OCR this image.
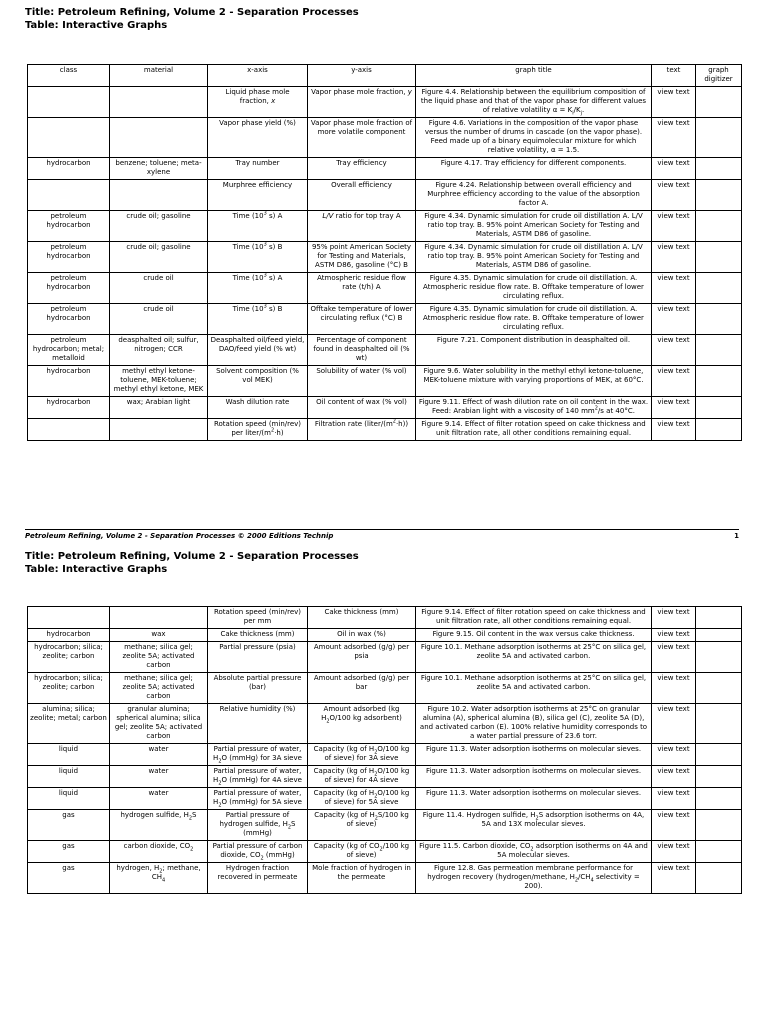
Title: Petroleum Refining, Volume 2 - Separation Processes
Table: Interactive Graphs
class	material	x-axis	y-axis	graph title	text	graph digitizer
		Liquid phase mole fraction, x	Vapor phase mole fraction, y	Figure 4.4. Relationship between the equilibrium composition of the liquid phase and that of the vapor phase for different values of relative volatility $\alpha = K_i/K_j$.	view text	
		Vapor phase yield (%)	Vapor phase mole fraction of more volatile component	Figure 4.6. Variations in the composition of the vapor phase versus the number of drums in cascade (on the vapor phase). Feed made up of a binary equimolecular mixture for which relative volatility, α = 1.5.	view text	
hydrocarbon	benzene; toluene; meta-xylene	Tray number	Tray efficiency	Figure 4.17. Tray efficiency for different components.	view text	
		Murphree efficiency	Overall efficiency	Figure 4.24. Relationship between overall efficiency and Murphree efficiency according to the value of the absorption factor A.	view text	
petroleum hydrocarbon	crude oil; gasoline	Time ($10^3$ s) A	L/V ratio for top tray A	Figure 4.34. Dynamic simulation for crude oil distillation A. L/V ratio top tray. B. 95% point American Society for Testing and Materials, ASTM D86 of gasoline.	view text	
petroleum hydrocarbon	crude oil; gasoline	Time ($10^3$ s) B	95% point American Society for Testing and Materials, ASTM D86, gasoline (°C) B	Figure 4.34. Dynamic simulation for crude oil distillation A. L/V ratio top tray. B. 95% point American Society for Testing and Materials, ASTM D86 of gasoline.	view text	
petroleum hydrocarbon	crude oil	Time ($10^3$ s) A	Atmospheric residue flow rate (t/h) A	Figure 4.35. Dynamic simulation for crude oil distillation. A. Atmospheric residue flow rate. B. Offtake temperature of lower circulating reflux.	view text	
petroleum hydrocarbon	crude oil	Time ($10^3$ s) B	Offtake temperature of lower circulating reflux (°C) B	Figure 4.35. Dynamic simulation for crude oil distillation. A. Atmospheric residue flow rate. B. Offtake temperature of lower circulating reflux.	view text	
petroleum hydrocarbon; metal; metalloid	deasphalted oil; sulfur, nitrogen; CCR	Deasphalted oil/feed yield, DAO/feed yield (% wt)	Percentage of component found in deasphalted oil (% wt)	Figure 7.21. Component distribution in deasphalted oil.	view text	
hydrocarbon	methyl ethyl ketone-toluene, MEK-toluene; methyl ethyl ketone, MEK	Solvent composition (% vol MEK)	Solubility of water (% vol)	Figure 9.6. Water solubility in the methyl ethyl ketone-toluene, MEK-toluene mixture with varying proportions of MEK, at 60°C.	view text	
hydrocarbon	wax; Arabian light	Wash dilution rate	Oil content of wax (% vol)	Figure 9.11. Effect of wash dilution rate on oil content in the wax. Feed: Arabian light with a viscosity of 140 $mm^2/s$ at 40°C.	view text	
		Rotation speed (min/rev) per liter/$(m^2\cdot h)$	Filtration rate $(liter/(m^2\cdot h))$	Figure 9.14. Effect of filter rotation speed on cake thickness and unit filtration rate, all other conditions remaining equal.	view text	
Petroleum Refining, Volume 2 - Separation Processes © 2000 Editions Technip	1
Title: Petroleum Refining, Volume 2 - Separation Processes
Table: Interactive Graphs
		Rotation speed (min/rev) per mm	Cake thickness (mm)	Figure 9.14. Effect of filter rotation speed on cake thickness and unit filtration rate, all other conditions remaining equal.	view text	
hydrocarbon	wax	Cake thickness (mm)	Oil in wax (%)	Figure 9.15. Oil content in the wax versus cake thickness.	view text	
hydrocarbon; silica; zeolite; carbon	methane; silica gel; zeolite 5A; activated carbon	Partial pressure (psia)	Amount adsorbed (g/g) per psia	Figure 10.1. Methane adsorption isotherms at 25°C on silica gel, zeolite 5A and activated carbon.	view text	
hydrocarbon; silica; zeolite; carbon	methane; silica gel; zeolite 5A; activated carbon	Absolute partial pressure (bar)	Amount adsorbed (g/g) per bar	Figure 10.1. Methane adsorption isotherms at 25°C on silica gel, zeolite 5A and activated carbon.	view text	
alumina; silica; zeolite; metal; carbon	granular alumina; spherical alumina; silica gel; zeolite 5A; activated carbon	Relative humidity (%)	Amount adsorbed (kg $H_2O/100$ kg adsorbent)	Figure 10.2. Water adsorption isotherms at 25°C on granular alumina (A), spherical alumina (B), silica gel (C), zeolite 5A (D), and activated carbon (E). 100% relative humidity corresponds to a water partial pressure of 23.6 torr.	view text	
liquid	water	Partial pressure of water, $H_2O$ (mmHg) for 3A sieve	Capacity (kg of $H_2O/100$ kg of sieve) for 3A sieve	Figure 11.3. Water adsorption isotherms on molecular sieves.	view text	
liquid	water	Partial pressure of water, $H_2O$ (mmHg) for 4A sieve	Capacity (kg of $H_2O/100$ kg of sieve) for 4A sieve	Figure 11.3. Water adsorption isotherms on molecular sieves.	view text	
liquid	water	Partial pressure of water, $H_2O$ (mmHg) for 5A sieve	Capacity (kg of $H_2O/100$ kg of sieve) for 5A sieve	Figure 11.3. Water adsorption isotherms on molecular sieves.	view text	
gas	hydrogen sulfide, $H_2S$	Partial pressure of hydrogen sulfide, $H_2S$ (mmHg)	Capacity (kg of $H_2S/100$ kg of sieve)	Figure 11.4. Hydrogen sulfide, $H_2S$ adsorption isotherms on 4A, 5A and 13X molecular sieves.	view text	
gas	carbon dioxide, $CO_2$	Partial pressure of carbon dioxide, $CO_2$ (mmHg)	Capacity (kg of $CO_2/100$ kg of sieve)	Figure 11.5. Carbon dioxide, $CO_2$ adsorption isotherms on 4A and 5A molecular sieves.	view text	
gas	hydrogen, $H_2$; methane, $CH_4$	Hydrogen fraction recovered in permeate	Mole fraction of hydrogen in the permeate	Figure 12.8. Gas permeation membrane performance for hydrogen recovery (hydrogen/methane, $H_2/CH_4$ selectivity = 200).	view text	
